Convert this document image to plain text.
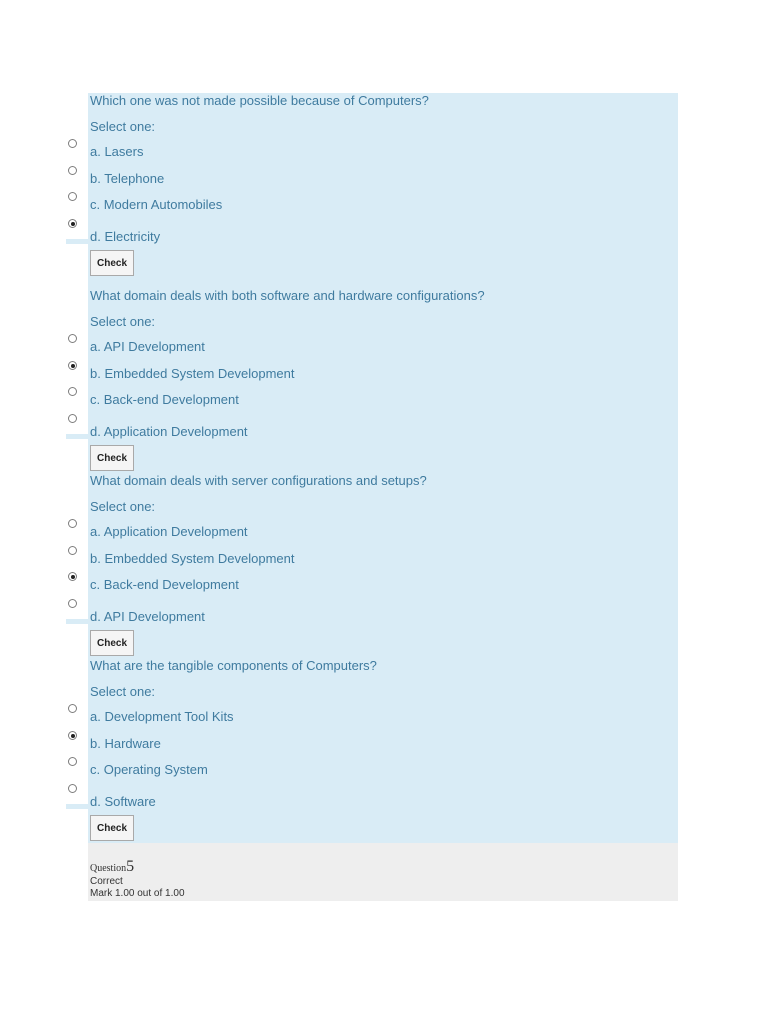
Which one was not made possible because of Computers?
Select one:
a. Lasers
b. Telephone
c. Modern Automobiles
d. Electricity
Check
What domain deals with both software and hardware configurations?
Select one:
a. API Development
b. Embedded System Development
c. Back-end Development
d. Application Development
Check
What domain deals with server configurations and setups?
Select one:
a. Application Development
b. Embedded System Development
c. Back-end Development
d. API Development
Check
What are the tangible components of Computers?
Select one:
a. Development Tool Kits
b. Hardware
c. Operating System
d. Software
Check
Question5
Correct
Mark 1.00 out of 1.00
